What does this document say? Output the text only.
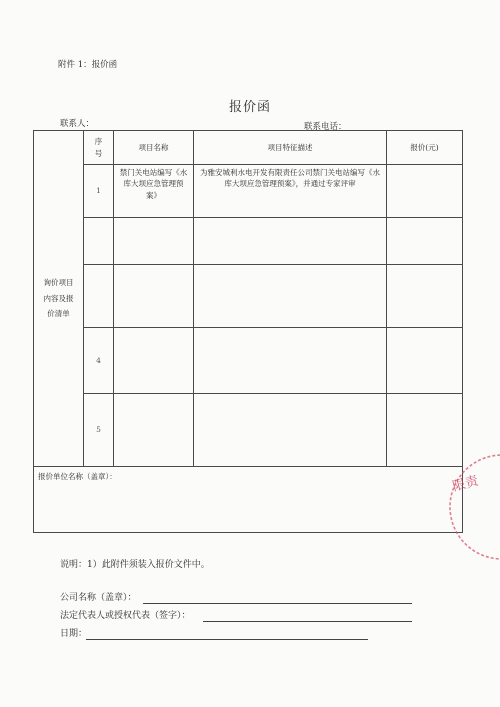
附件 1：报价函
报价函
联系人：	联系电话：
询价项目内容及报价清单	序号	项目名称	项目特征描述	报价(元)
	1	禁门关电站编写《水库大坝应急管理预案》	为雅安城利水电开发有限责任公司禁门关电站编写《水库大坝应急管理预案》，并通过专家评审	

	4			
	5			
报价单位名称（盖章）：				
说明：1）此附件须装入报价文件中。
公司名称（盖章）：
法定代表人或授权代表（签字）：
日期：
限责
